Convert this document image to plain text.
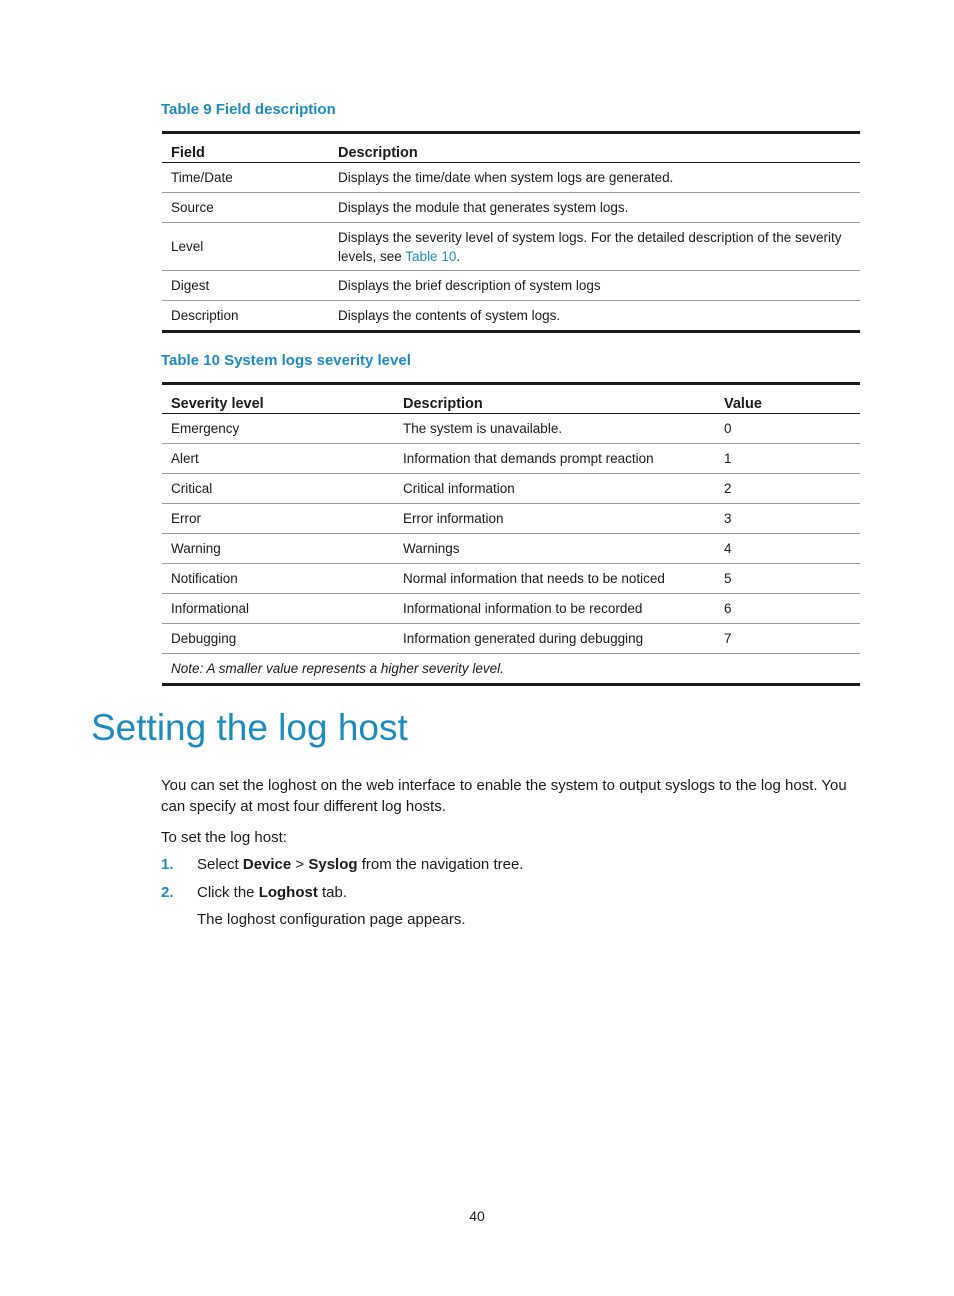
Table 9 Field description
Field	Description
Time/Date	Displays the time/date when system logs are generated.
Source	Displays the module that generates system logs.
Level	Displays the severity level of system logs. For the detailed description of the severity levels, see Table 10.
Digest	Displays the brief description of system logs
Description	Displays the contents of system logs.
Table 10 System logs severity level
Severity level	Description	Value
Emergency	The system is unavailable.	0
Alert	Information that demands prompt reaction	1
Critical	Critical information	2
Error	Error information	3
Warning	Warnings	4
Notification	Normal information that needs to be noticed	5
Informational	Informational information to be recorded	6
Debugging	Information generated during debugging	7
Note: A smaller value represents a higher severity level.		
Setting the log host

You can set the loghost on the web interface to enable the system to output syslogs to the log host. You can specify at most four different log hosts.

To set the log host:

1. Select Device > Syslog from the navigation tree.

2. Click the Loghost tab.

The loghost configuration page appears.

40
